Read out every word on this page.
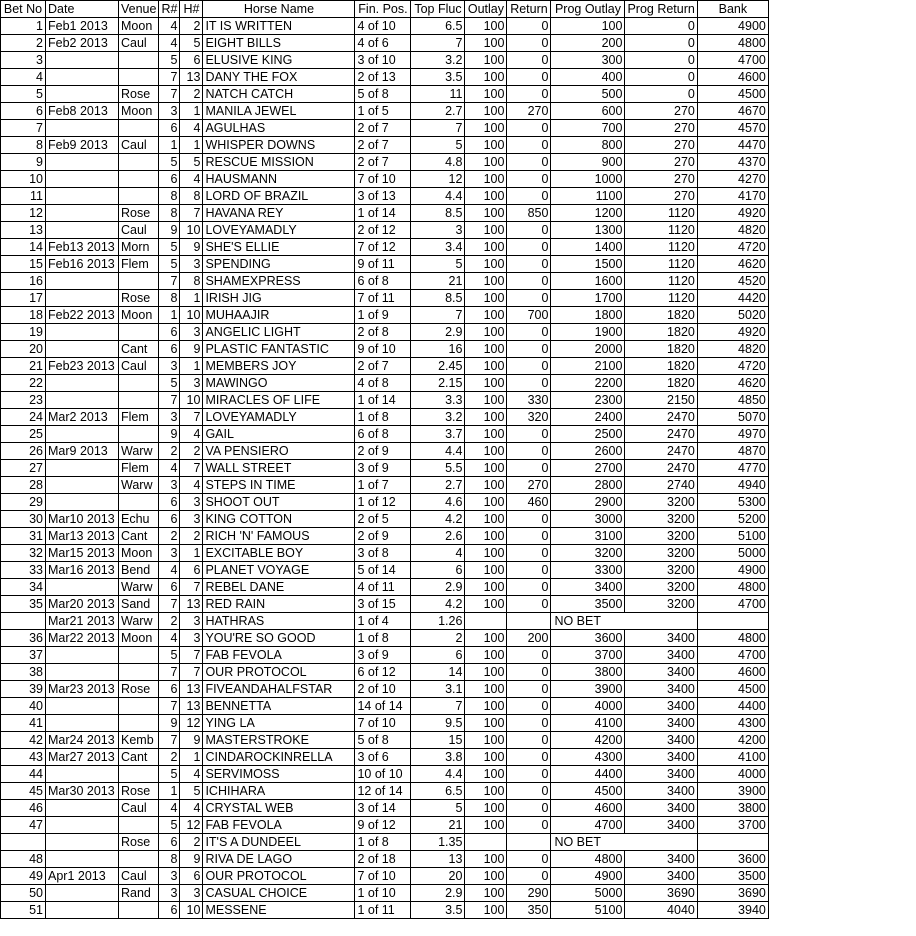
Bet No	Date	Venue	R#	H#	Horse Name	Fin. Pos.	Top Fluc	Outlay	Return	Prog Outlay	Prog Return	Bank
1	Feb1 2013	Moon	4	2	IT IS WRITTEN	4 of 10	6.5	100	0	100	0	4900
2	Feb2 2013	Caul	4	5	EIGHT BILLS	4 of 6	7	100	0	200	0	4800
3			5	6	ELUSIVE KING	3 of 10	3.2	100	0	300	0	4700
4			7	13	DANY THE FOX	2 of 13	3.5	100	0	400	0	4600
5		Rose	7	2	NATCH CATCH	5 of 8	11	100	0	500	0	4500
6	Feb8 2013	Moon	3	1	MANILA JEWEL	1 of 5	2.7	100	270	600	270	4670
7			6	4	AGULHAS	2 of 7	7	100	0	700	270	4570
8	Feb9 2013	Caul	1	1	WHISPER DOWNS	2 of 7	5	100	0	800	270	4470
9			5	5	RESCUE MISSION	2 of 7	4.8	100	0	900	270	4370
10			6	4	HAUSMANN	7 of 10	12	100	0	1000	270	4270
11			8	8	LORD OF BRAZIL	3 of 13	4.4	100	0	1100	270	4170
12		Rose	8	7	HAVANA REY	1 of 14	8.5	100	850	1200	1120	4920
13		Caul	9	10	LOVEYAMADLY	2 of 12	3	100	0	1300	1120	4820
14	Feb13 2013	Morn	5	9	SHE'S ELLIE	7 of 12	3.4	100	0	1400	1120	4720
15	Feb16 2013	Flem	5	3	SPENDING	9 of 11	5	100	0	1500	1120	4620
16			7	8	SHAMEXPRESS	6 of 8	21	100	0	1600	1120	4520
17		Rose	8	1	IRISH JIG	7 of 11	8.5	100	0	1700	1120	4420
18	Feb22 2013	Moon	1	10	MUHAAJIR	1 of 9	7	100	700	1800	1820	5020
19			6	3	ANGELIC LIGHT	2 of 8	2.9	100	0	1900	1820	4920
20		Cant	6	9	PLASTIC FANTASTIC	9 of 10	16	100	0	2000	1820	4820
21	Feb23 2013	Caul	3	1	MEMBERS JOY	2 of 7	2.45	100	0	2100	1820	4720
22			5	3	MAWINGO	4 of 8	2.15	100	0	2200	1820	4620
23			7	10	MIRACLES OF LIFE	1 of 14	3.3	100	330	2300	2150	4850
24	Mar2 2013	Flem	3	7	LOVEYAMADLY	1 of 8	3.2	100	320	2400	2470	5070
25			9	4	GAIL	6 of 8	3.7	100	0	2500	2470	4970
26	Mar9 2013	Warw	2	2	VA PENSIERO	2 of 9	4.4	100	0	2600	2470	4870
27		Flem	4	7	WALL STREET	3 of 9	5.5	100	0	2700	2470	4770
28		Warw	3	4	STEPS IN TIME	1 of 7	2.7	100	270	2800	2740	4940
29			6	3	SHOOT OUT	1 of 12	4.6	100	460	2900	3200	5300
30	Mar10 2013	Echu	6	3	KING COTTON	2 of 5	4.2	100	0	3000	3200	5200
31	Mar13 2013	Cant	2	2	RICH 'N' FAMOUS	2 of 9	2.6	100	0	3100	3200	5100
32	Mar15 2013	Moon	3	1	EXCITABLE BOY	3 of 8	4	100	0	3200	3200	5000
33	Mar16 2013	Bend	4	6	PLANET VOYAGE	5 of 14	6	100	0	3300	3200	4900
34		Warw	6	7	REBEL DANE	4 of 11	2.9	100	0	3400	3200	4800
35	Mar20 2013	Sand	7	13	RED RAIN	3 of 15	4.2	100	0	3500	3200	4700
	Mar21 2013	Warw	2	3	HATHRAS	1 of 4	1.26			NO BET		
36	Mar22 2013	Moon	4	3	YOU'RE SO GOOD	1 of 8	2	100	200	3600	3400	4800
37			5	7	FAB FEVOLA	3 of 9	6	100	0	3700	3400	4700
38			7	7	OUR PROTOCOL	6 of 12	14	100	0	3800	3400	4600
39	Mar23 2013	Rose	6	13	FIVEANDAHALFSTAR	2 of 10	3.1	100	0	3900	3400	4500
40			7	13	BENNETTA	14 of 14	7	100	0	4000	3400	4400
41			9	12	YING LA	7 of 10	9.5	100	0	4100	3400	4300
42	Mar24 2013	Kemb	7	9	MASTERSTROKE	5 of 8	15	100	0	4200	3400	4200
43	Mar27 2013	Cant	2	1	CINDAROCKINRELLA	3 of 6	3.8	100	0	4300	3400	4100
44			5	4	SERVIMOSS	10 of 10	4.4	100	0	4400	3400	4000
45	Mar30 2013	Rose	1	5	ICHIHARA	12 of 14	6.5	100	0	4500	3400	3900
46		Caul	4	4	CRYSTAL WEB	3 of 14	5	100	0	4600	3400	3800
47			5	12	FAB FEVOLA	9 of 12	21	100	0	4700	3400	3700
		Rose	6	2	IT'S A DUNDEEL	1 of 8	1.35			NO BET		
48			8	9	RIVA DE LAGO	2 of 18	13	100	0	4800	3400	3600
49	Apr1 2013	Caul	3	6	OUR PROTOCOL	7 of 10	20	100	0	4900	3400	3500
50		Rand	3	3	CASUAL CHOICE	1 of 10	2.9	100	290	5000	3690	3690
51			6	10	MESSENE	1 of 11	3.5	100	350	5100	4040	3940
